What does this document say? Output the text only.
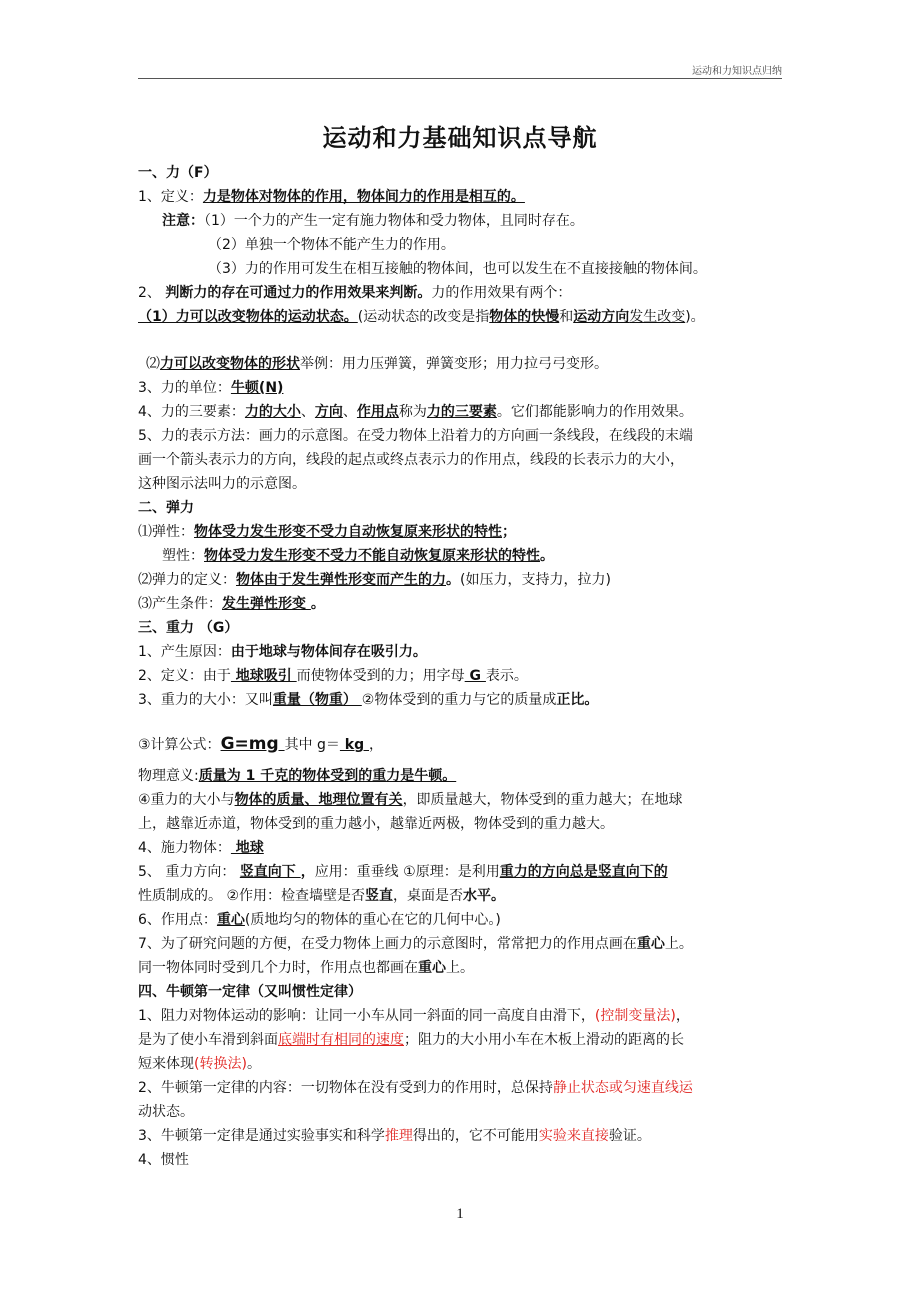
运动和力知识点归纳
运动和力基础知识点导航
一、力（F）
1、定义：力是物体对物体的作用，物体间力的作用是相互的。
注意：（1）一个力的产生一定有施力物体和受力物体，且同时存在。
（2）单独一个物体不能产生力的作用。
（3）力的作用可发生在相互接触的物体间，也可以发生在不直接接触的物体间。
2、 判断力的存在可通过力的作用效果来判断。力的作用效果有两个：
（1）力可以改变物体的运动状态。(运动状态的改变是指物体的快慢和运动方向发生改变)。
⑵力可以改变物体的形状举例：用力压弹簧，弹簧变形；用力拉弓弓变形。
3、力的单位：牛顿(N)
4、力的三要素：力的大小、方向、作用点称为力的三要素。它们都能影响力的作用效果。
5、力的表示方法：画力的示意图。在受力物体上沿着力的方向画一条线段，在线段的末端
画一个箭头表示力的方向，线段的起点或终点表示力的作用点，线段的长表示力的大小，
这种图示法叫力的示意图。
二、弹力
⑴弹性：物体受力发生形变不受力自动恢复原来形状的特性；
塑性：物体受力发生形变不受力不能自动恢复原来形状的特性。
⑵弹力的定义：物体由于发生弹性形变而产生的力。(如压力，支持力，拉力)
⑶产生条件：发生弹性形变 。
三、重力 （G）
1、产生原因：由于地球与物体间存在吸引力。
2、定义：由于 地球吸引 而使物体受到的力；用字母 G 表示。
3、重力的大小：又叫重量（物重） ②物体受到的重力与它的质量成正比。
③计算公式：G=mg 其中 g＝ kg ，
物理意义:质量为 1 千克的物体受到的重力是牛顿。
④重力的大小与物体的质量、地理位置有关，即质量越大，物体受到的重力越大；在地球
上，越靠近赤道，物体受到的重力越小，越靠近两极，物体受到的重力越大。
4、施力物体： 地球
5、 重力方向： 竖直向下 ，应用：重垂线 ①原理：是利用重力的方向总是竖直向下的
性质制成的。 ②作用：检查墙壁是否竖直，桌面是否水平。
6、作用点：重心(质地均匀的物体的重心在它的几何中心。)
7、为了研究问题的方便，在受力物体上画力的示意图时，常常把力的作用点画在重心上。
同一物体同时受到几个力时，作用点也都画在重心上。
四、牛顿第一定律（又叫惯性定律）
1、阻力对物体运动的影响：让同一小车从同一斜面的同一高度自由滑下，(控制变量法)，
是为了使小车滑到斜面底端时有相同的速度；阻力的大小用小车在木板上滑动的距离的长
短来体现(转换法)。
2、牛顿第一定律的内容：一切物体在没有受到力的作用时，总保持静止状态或匀速直线运
动状态。
3、牛顿第一定律是通过实验事实和科学推理得出的，它不可能用实验来直接验证。
4、惯性
1
